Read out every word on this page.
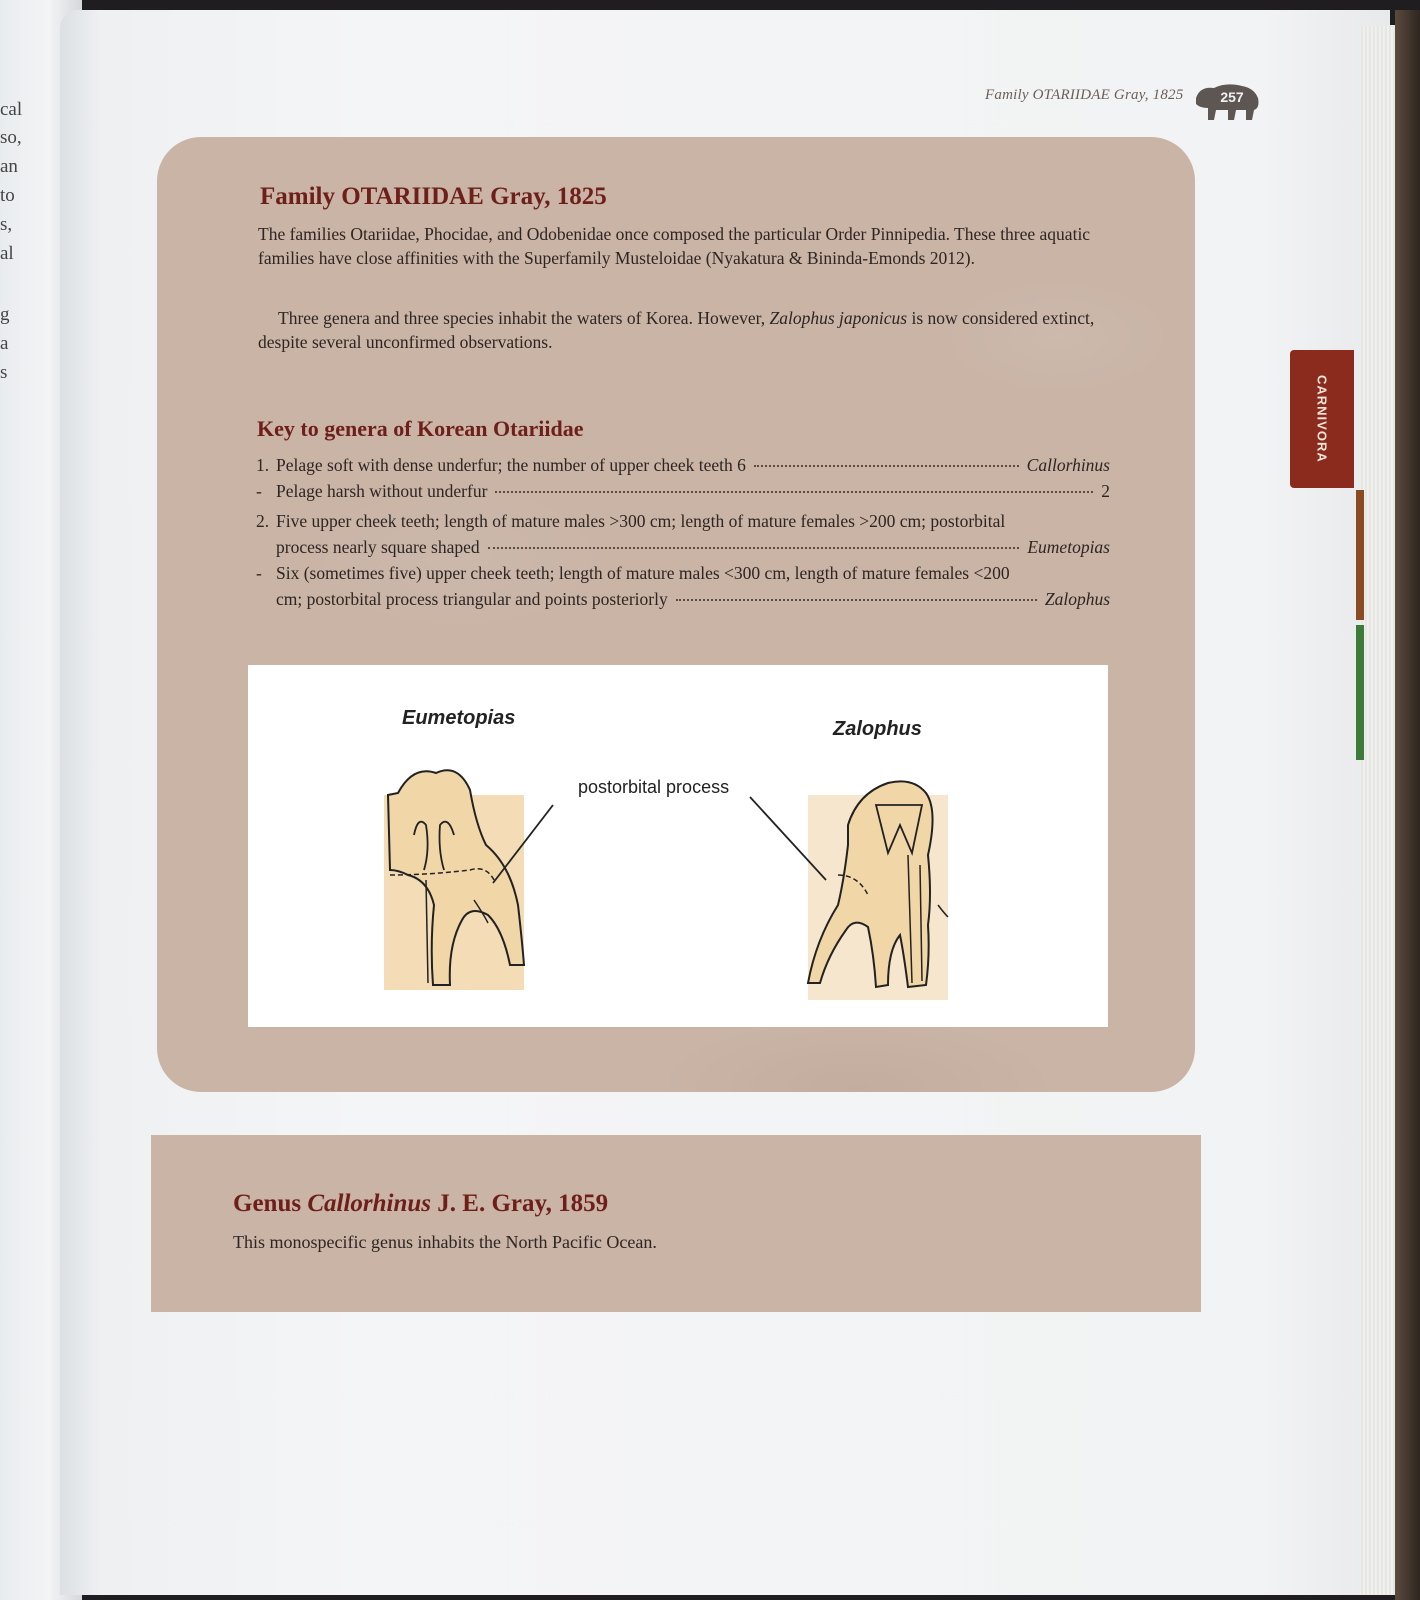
cal
so,
an
to
s,
al
g
a
s
Family OTARIIDAE Gray, 1825	257
CARNIVORA
Family OTARIIDAE Gray, 1825

The families Otariidae, Phocidae, and Odobenidae once composed the particular Order Pinnipedia. These three aquatic families have close affinities with the Superfamily Musteloidae (Nyakatura & Bininda-Emonds 2012).

Three genera and three species inhabit the waters of Korea. However, Zalophus japonicus is now considered extinct, despite several unconfirmed observations.

Key to genera of Korean Otariidae
1. Pelage soft with dense underfur; the number of upper cheek teeth 6	Callorhinus
- Pelage harsh without underfur	2
2. Five upper cheek teeth; length of mature males >300 cm; length of mature females >200 cm; postorbital
process nearly square shaped	Eumetopias
- Six (sometimes five) upper cheek teeth; length of mature males <300 cm, length of mature females <200
cm; postorbital process triangular and points posteriorly	Zalophus
Eumetopias	Zalophus
postorbital process
Genus Callorhinus J. E. Gray, 1859

This monospecific genus inhabits the North Pacific Ocean.
